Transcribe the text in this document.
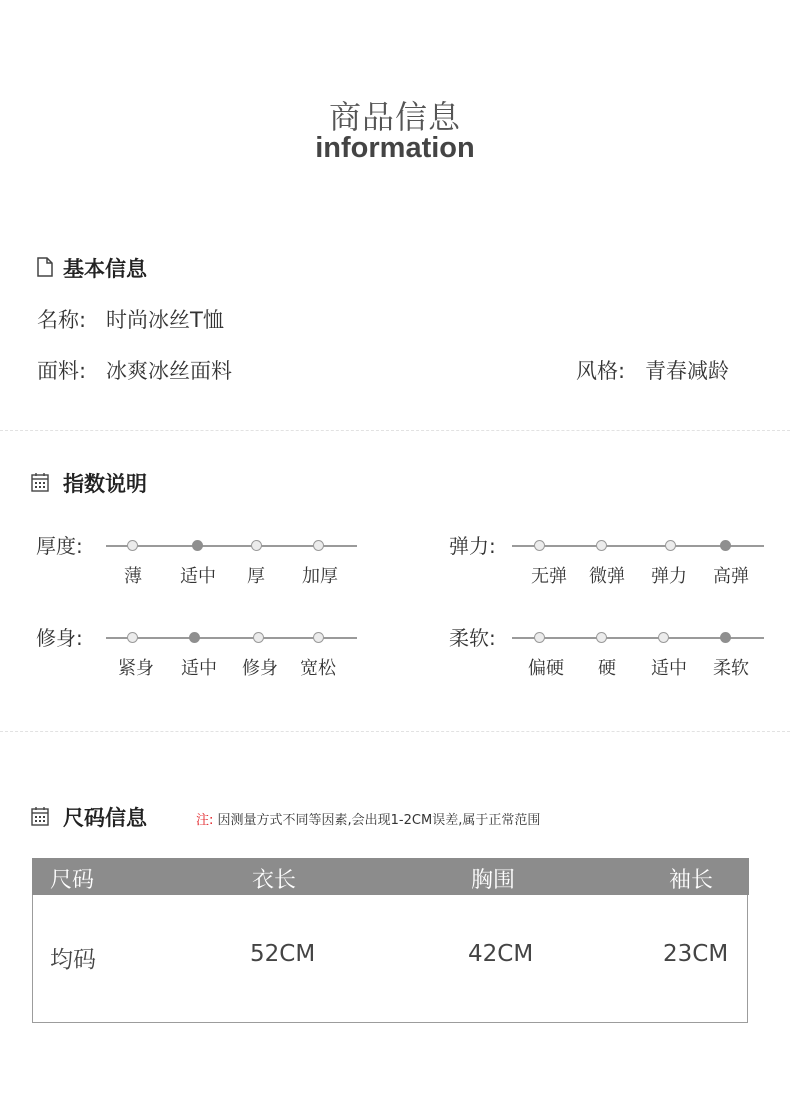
商品信息
information
基本信息
名称: 时尚冰丝T恤
面料: 冰爽冰丝面料	风格: 青春减龄
指数说明
厚度:
薄	适中	厚	加厚
弹力:
无弹	微弹	弹力	高弹
修身:
紧身	适中	修身	宽松
柔软:
偏硬	硬	适中	柔软
尺码信息	注: 因测量方式不同等因素,会出现1-2CM误差,属于正常范围
尺码	衣长	胸围	袖长
均码	52CM	42CM	23CM
